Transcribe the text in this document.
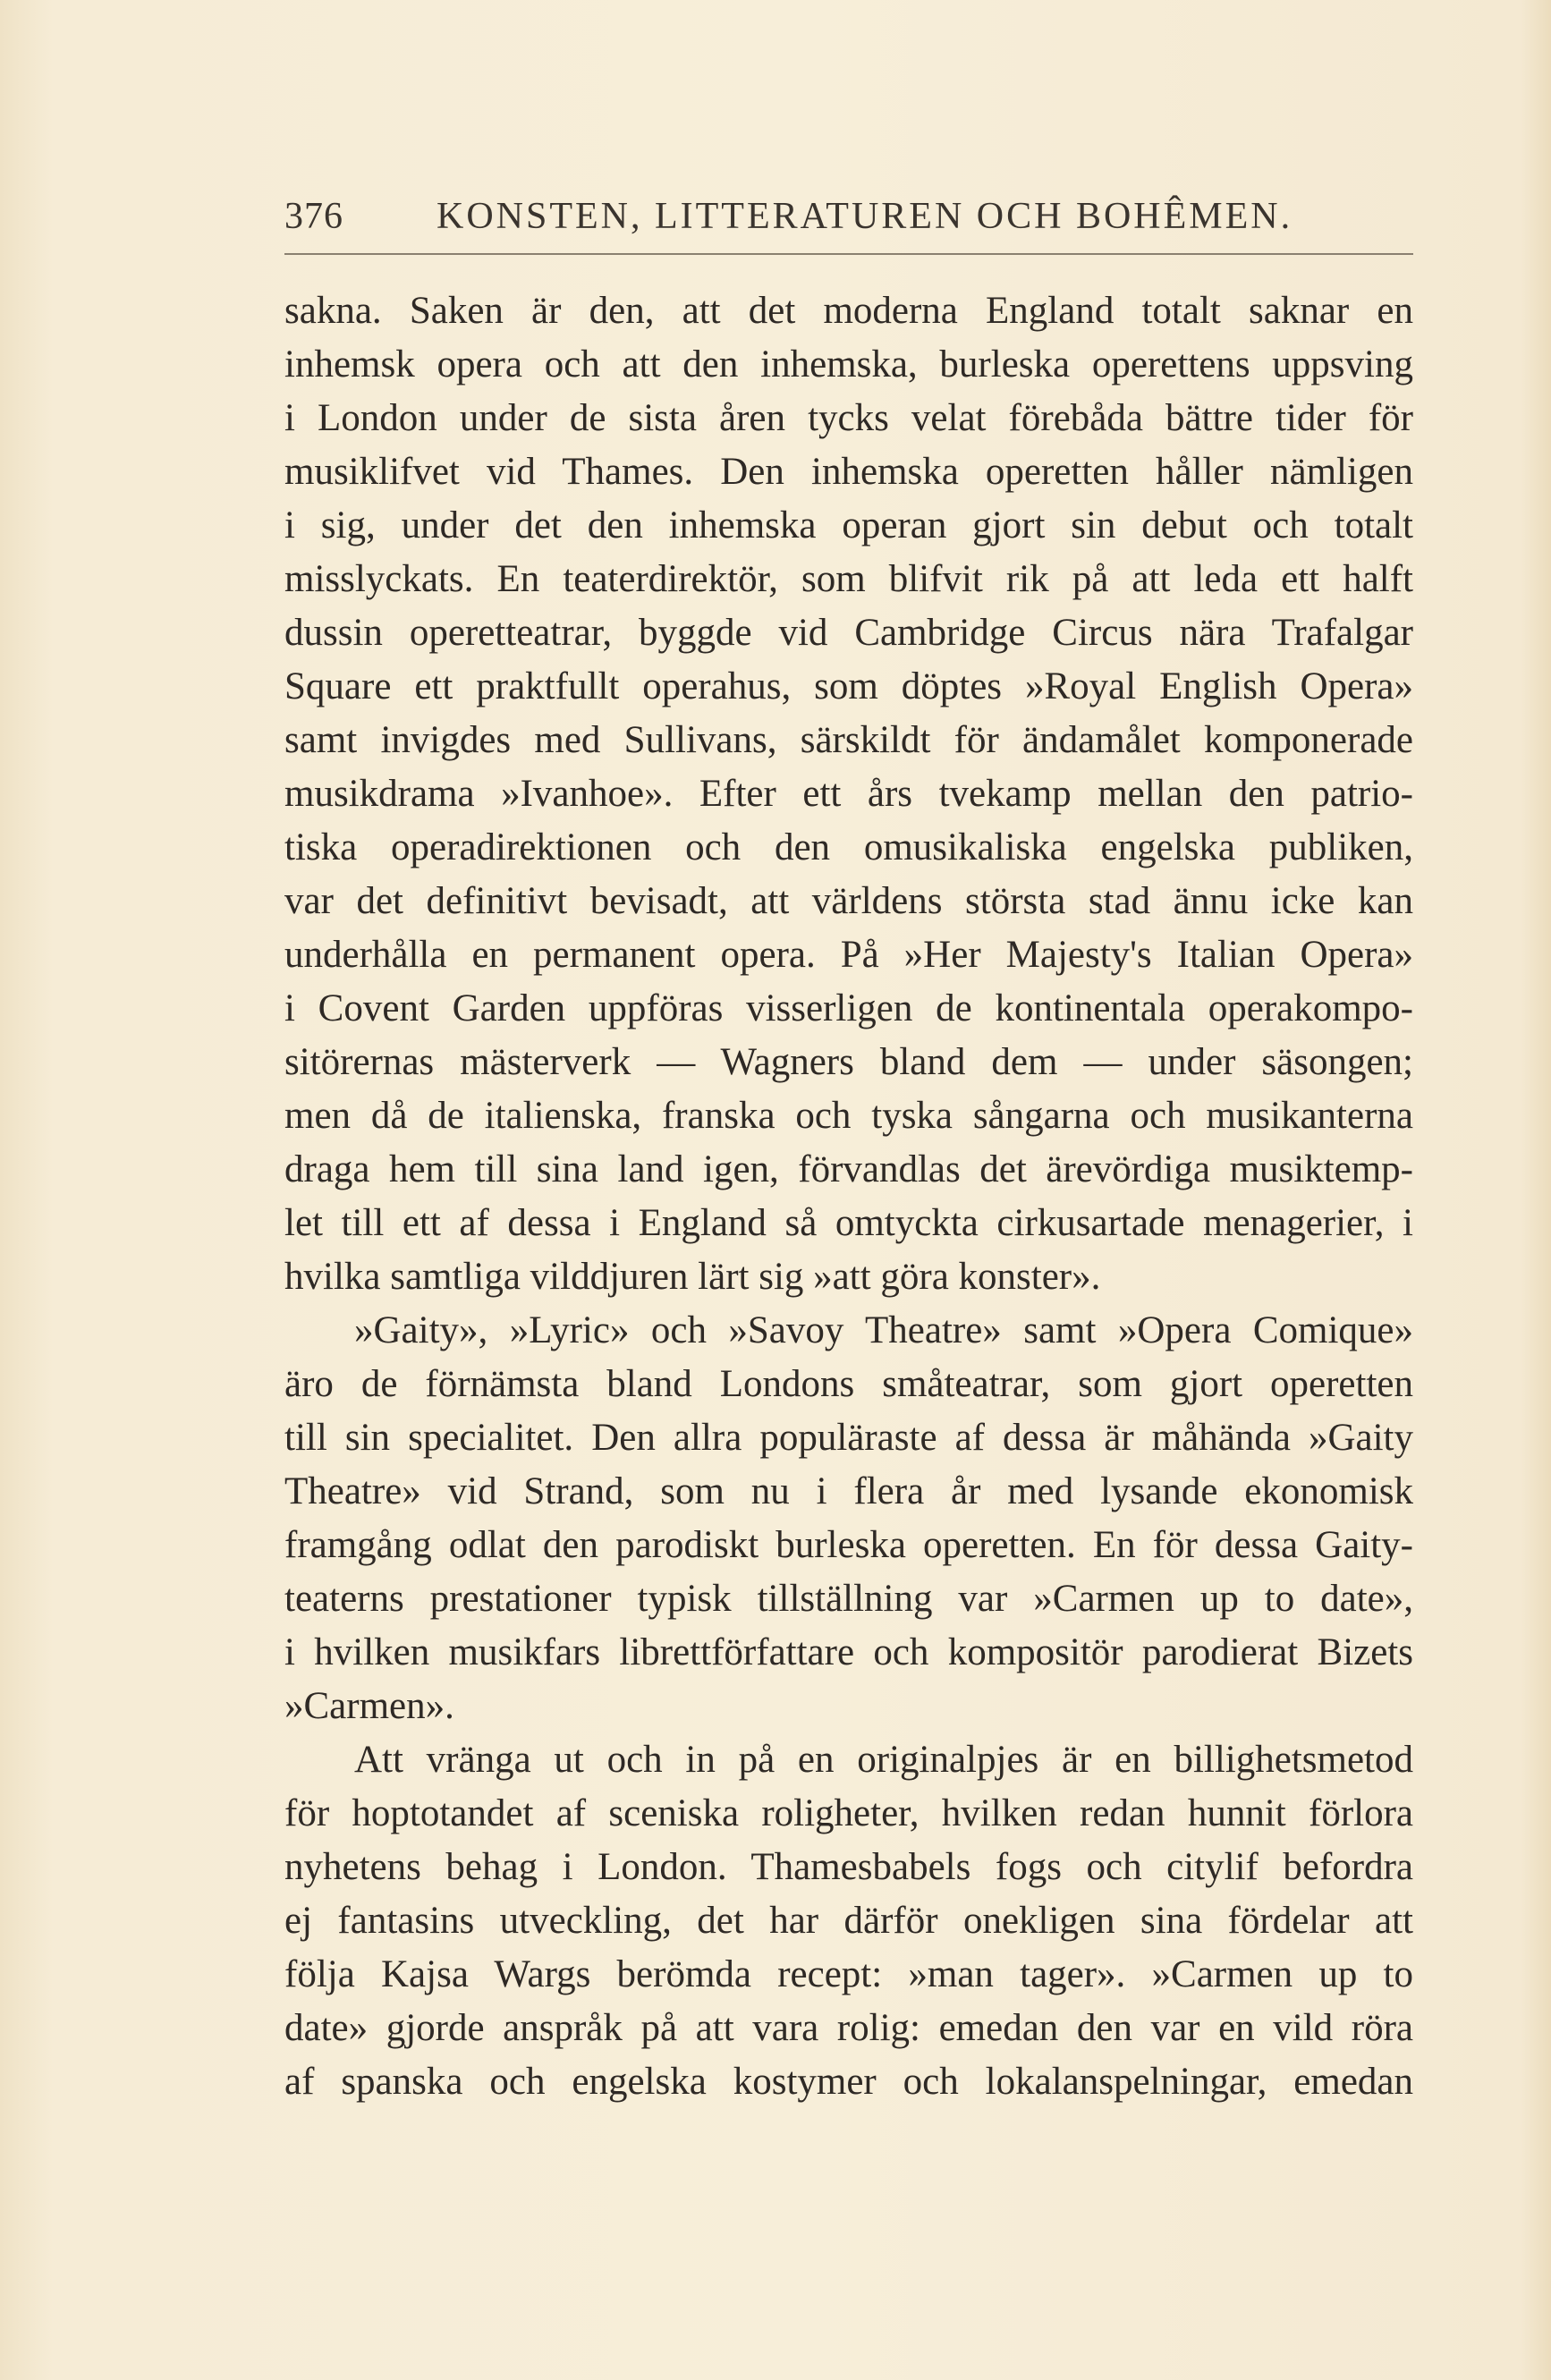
376 KONSTEN, LITTERATUREN OCH BOHÊMEN.
sakna. Saken är den, att det moderna England totalt saknar en
inhemsk opera och att den inhemska, burleska operettens uppsving
i London under de sista åren tycks velat förebåda bättre tider för
musiklifvet vid Thames. Den inhemska operetten håller nämligen
i sig, under det den inhemska operan gjort sin debut och totalt
misslyckats. En teaterdirektör, som blifvit rik på att leda ett halft
dussin operetteatrar, byggde vid Cambridge Circus nära Trafalgar
Square ett praktfullt operahus, som döptes »Royal English Opera»
samt invigdes med Sullivans, särskildt för ändamålet komponerade
musikdrama »Ivanhoe». Efter ett års tvekamp mellan den patrio-
tiska operadirektionen och den omusikaliska engelska publiken,
var det definitivt bevisadt, att världens största stad ännu icke kan
underhålla en permanent opera. På »Her Majesty's Italian Opera»
i Covent Garden uppföras visserligen de kontinentala operakompo-
sitörernas mästerverk — Wagners bland dem — under säsongen;
men då de italienska, franska och tyska sångarna och musikanterna
draga hem till sina land igen, förvandlas det ärevördiga musiktemp-
let till ett af dessa i England så omtyckta cirkusartade menagerier, i
hvilka samtliga vilddjuren lärt sig »att göra konster».
»Gaity», »Lyric» och »Savoy Theatre» samt »Opera Comique»
äro de förnämsta bland Londons småteatrar, som gjort operetten
till sin specialitet. Den allra populäraste af dessa är måhända »Gaity
Theatre» vid Strand, som nu i flera år med lysande ekonomisk
framgång odlat den parodiskt burleska operetten. En för dessa Gaity-
teaterns prestationer typisk tillställning var »Carmen up to date»,
i hvilken musikfars librettförfattare och kompositör parodierat Bizets
»Carmen».
Att vränga ut och in på en originalpjes är en billighetsmetod
för hoptotandet af sceniska roligheter, hvilken redan hunnit förlora
nyhetens behag i London. Thamesbabels fogs och citylif befordra
ej fantasins utveckling, det har därför onekligen sina fördelar att
följa Kajsa Wargs berömda recept: »man tager». »Carmen up to
date» gjorde anspråk på att vara rolig: emedan den var en vild röra
af spanska och engelska kostymer och lokalanspelningar, emedan
